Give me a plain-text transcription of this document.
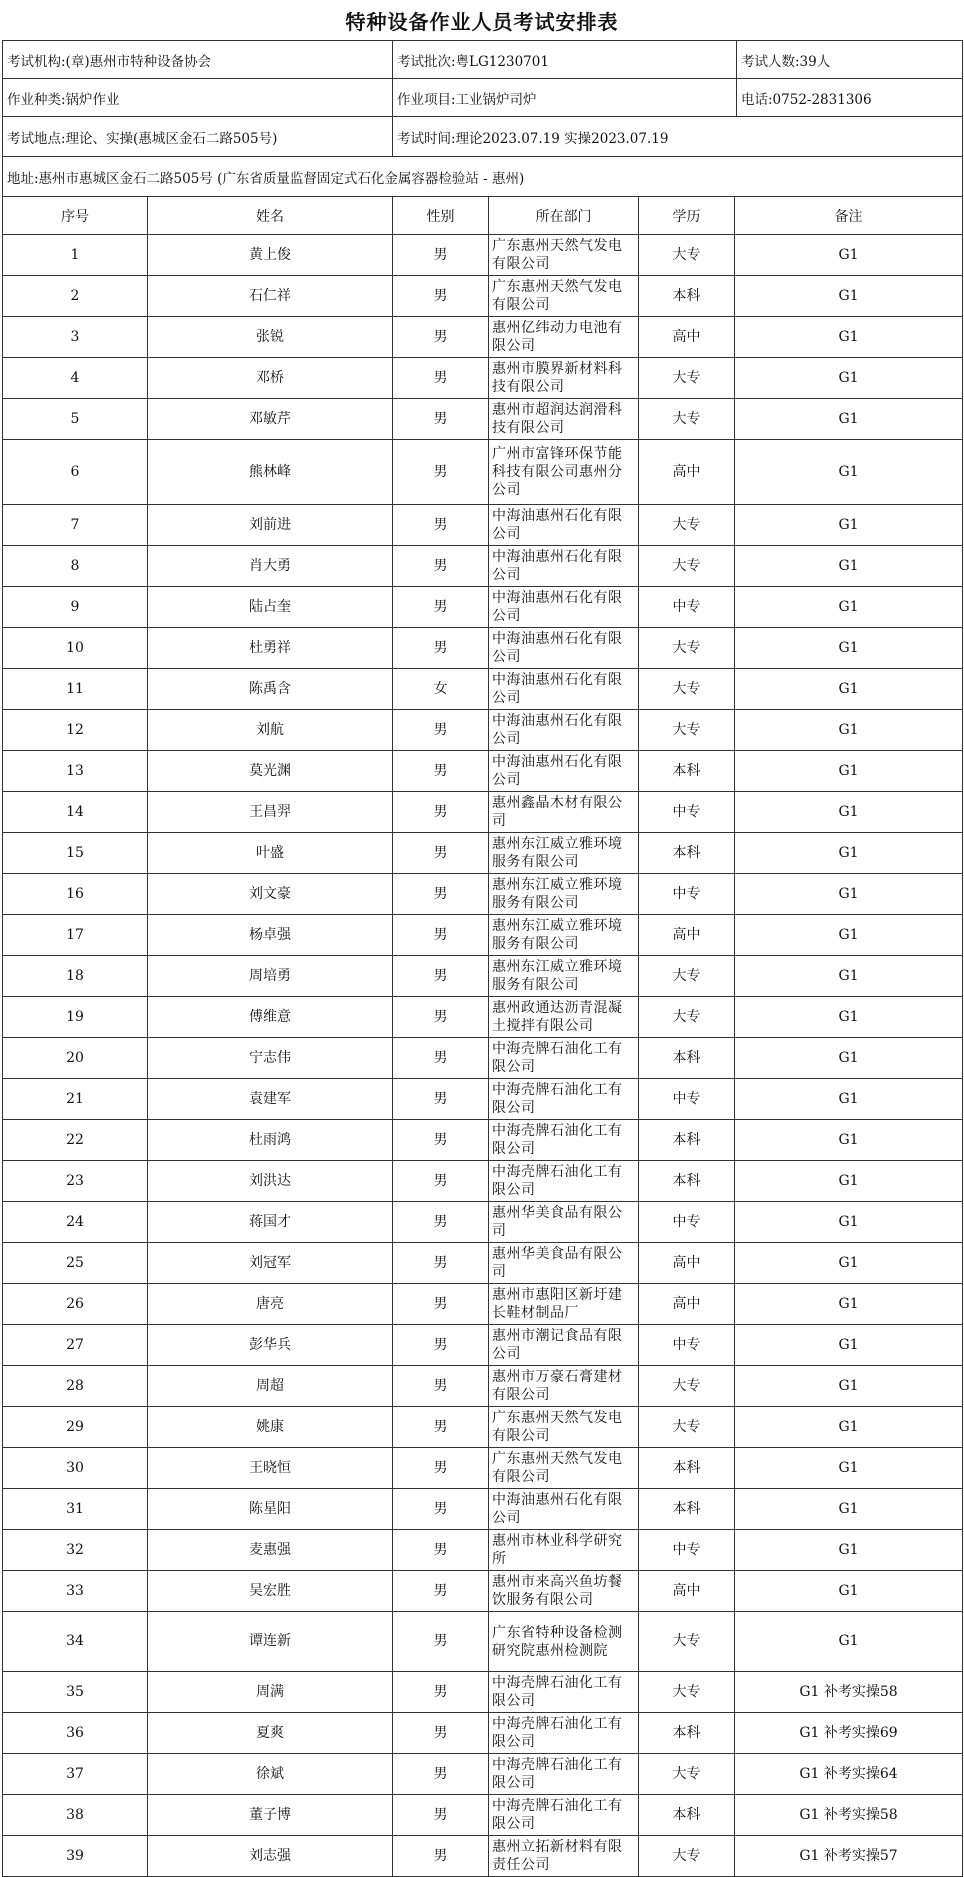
特种设备作业人员考试安排表
考试机构:(章)惠州市特种设备协会	考试批次:粤LG1230701	考试人数:39人
作业种类:锅炉作业	作业项目:工业锅炉司炉	电话:0752-2831306
考试地点:理论、实操(惠城区金石二路505号)	考试时间:理论2023.07.19 实操2023.07.19	
地址:惠州市惠城区金石二路505号 (广东省质量监督固定式石化金属容器检验站 - 惠州)		
序号	姓名	性别	所在部门	学历	备注
1	黄上俊	男	广东惠州天然气发电有限公司	大专	G1
2	石仁祥	男	广东惠州天然气发电有限公司	本科	G1
3	张锐	男	惠州亿纬动力电池有限公司	高中	G1
4	邓桥	男	惠州市膜界新材料科技有限公司	大专	G1
5	邓敏芹	男	惠州市超润达润滑科技有限公司	大专	G1
6	熊林峰	男	广州市富锋环保节能科技有限公司惠州分公司	高中	G1
7	刘前进	男	中海油惠州石化有限公司	大专	G1
8	肖大勇	男	中海油惠州石化有限公司	大专	G1
9	陆占奎	男	中海油惠州石化有限公司	中专	G1
10	杜勇祥	男	中海油惠州石化有限公司	大专	G1
11	陈禹含	女	中海油惠州石化有限公司	大专	G1
12	刘航	男	中海油惠州石化有限公司	大专	G1
13	莫光渊	男	中海油惠州石化有限公司	本科	G1
14	王昌羿	男	惠州鑫晶木材有限公司	中专	G1
15	叶盛	男	惠州东江威立雅环境服务有限公司	本科	G1
16	刘文豪	男	惠州东江威立雅环境服务有限公司	中专	G1
17	杨卓强	男	惠州东江威立雅环境服务有限公司	高中	G1
18	周培勇	男	惠州东江威立雅环境服务有限公司	大专	G1
19	傅维意	男	惠州政通达沥青混凝土搅拌有限公司	大专	G1
20	宁志伟	男	中海壳牌石油化工有限公司	本科	G1
21	袁建军	男	中海壳牌石油化工有限公司	中专	G1
22	杜雨鸿	男	中海壳牌石油化工有限公司	本科	G1
23	刘洪达	男	中海壳牌石油化工有限公司	本科	G1
24	蒋国才	男	惠州华美食品有限公司	中专	G1
25	刘冠军	男	惠州华美食品有限公司	高中	G1
26	唐亮	男	惠州市惠阳区新圩建长鞋材制品厂	高中	G1
27	彭华兵	男	惠州市潮记食品有限公司	中专	G1
28	周超	男	惠州市万豪石膏建材有限公司	大专	G1
29	姚康	男	广东惠州天然气发电有限公司	大专	G1
30	王晓恒	男	广东惠州天然气发电有限公司	本科	G1
31	陈星阳	男	中海油惠州石化有限公司	本科	G1
32	麦惠强	男	惠州市林业科学研究所	中专	G1
33	吴宏胜	男	惠州市来高兴鱼坊餐饮服务有限公司	高中	G1
34	谭连新	男	广东省特种设备检测研究院惠州检测院	大专	G1
35	周满	男	中海壳牌石油化工有限公司	大专	G1 补考实操58
36	夏爽	男	中海壳牌石油化工有限公司	本科	G1 补考实操69
37	徐斌	男	中海壳牌石油化工有限公司	大专	G1 补考实操64
38	董子博	男	中海壳牌石油化工有限公司	本科	G1 补考实操58
39	刘志强	男	惠州立拓新材料有限责任公司	大专	G1 补考实操57
